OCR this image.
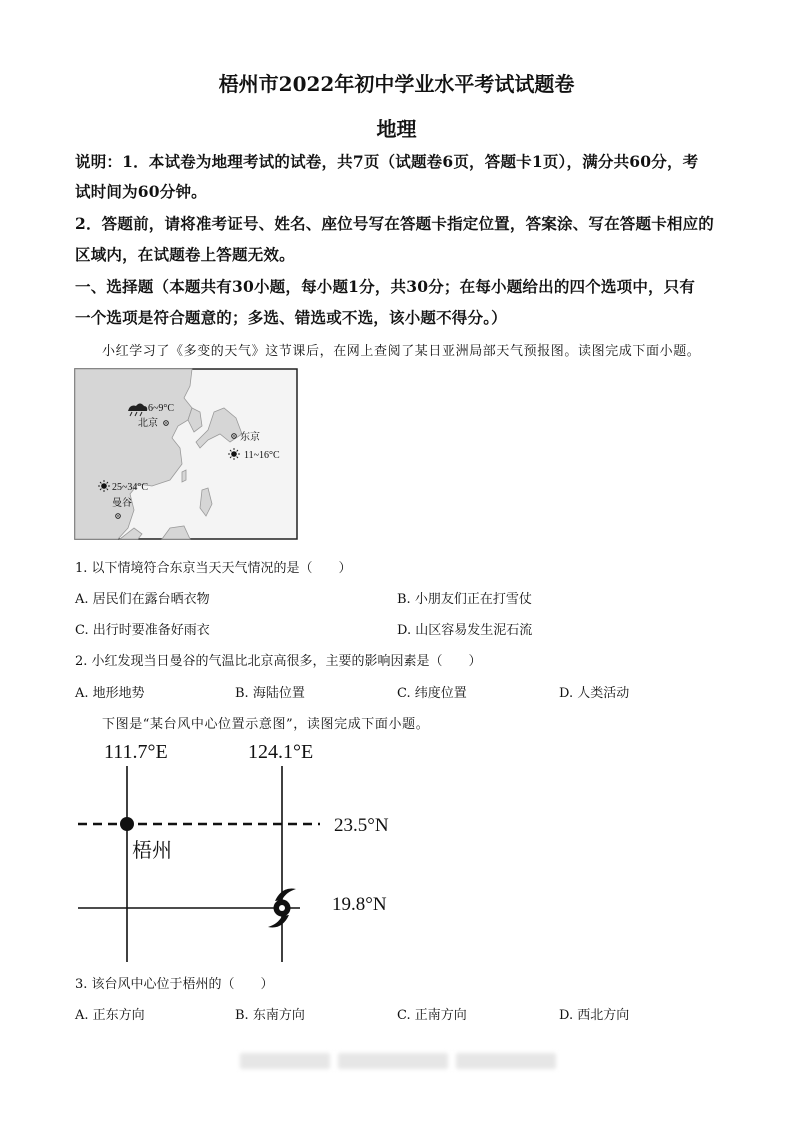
梧州市2022年初中学业水平考试试题卷
地理
说明：1．本试卷为地理考试的试卷，共7页（试题卷6页，答题卡1页），满分共60分，考
试时间为60分钟。
2．答题前，请将准考证号、姓名、座位号写在答题卡指定位置，答案涂、写在答题卡相应的
区域内，在试题卷上答题无效。
一、选择题（本题共有30小题，每小题1分，共30分；在每小题给出的四个选项中，只有
一个选项是符合题意的；多选、错选或不选，该小题不得分。）
小红学习了《多变的天气》这节课后，在网上查阅了某日亚洲局部天气预报图。读图完成下面小题。
6~9°C
北京
东京
11~16°C
25~34°C
曼谷
1. 以下情境符合东京当天天气情况的是（　　）
A. 居民们在露台晒衣物	B. 小朋友们正在打雪仗
C. 出行时要准备好雨衣	D. 山区容易发生泥石流
2. 小红发现当日曼谷的气温比北京高很多，主要的影响因素是（　　）
A. 地形地势	B. 海陆位置	C. 纬度位置	D. 人类活动
下图是“某台风中心位置示意图”，读图完成下面小题。
111.7°E	124.1°E
23.5°N
19.8°N
梧州
3. 该台风中心位于梧州的（　　）
A. 正东方向	B. 东南方向	C. 正南方向	D. 西北方向
